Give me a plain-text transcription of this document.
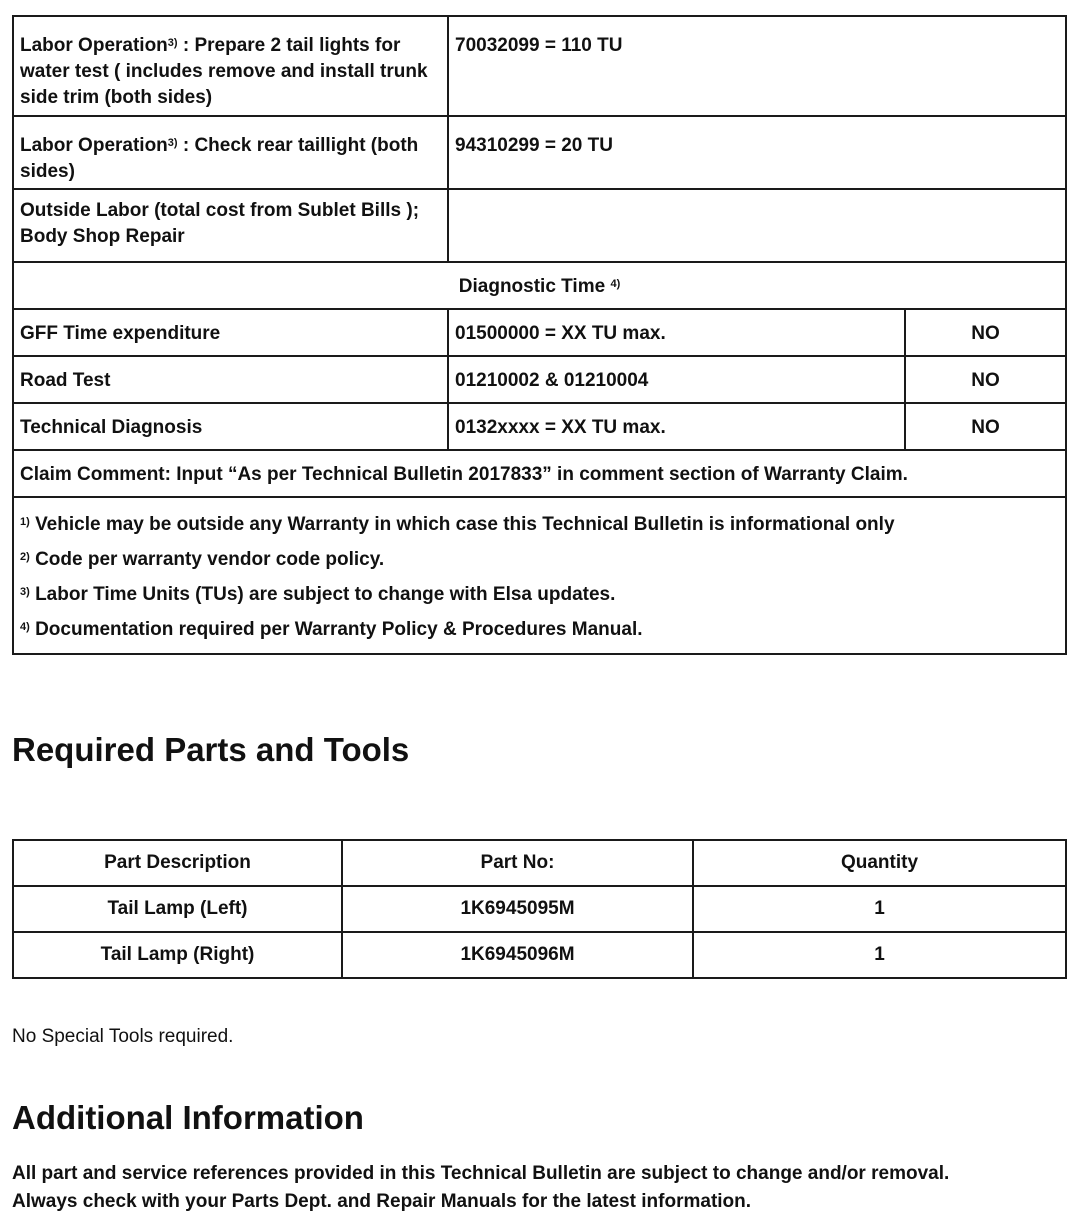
Labor Operation$^{3)}$ : Prepare 2 tail lights for water test ( includes remove and install trunk side trim (both sides)	70032099 = 110 TU	
Labor Operation$^{3)}$ : Check rear taillight (both sides)	94310299 = 20 TU	
Outside Labor (total cost from Sublet Bills ); Body Shop Repair		
Diagnostic Time $^{4)}$
GFF Time expenditure	01500000 = XX TU max.	NO
Road Test	01210002 & 01210004	NO
Technical Diagnosis	0132xxxx = XX TU max.	NO
Claim Comment: Input “As per Technical Bulletin 2017833” in comment section of Warranty Claim.		

$^{1)}$ Vehicle may be outside any Warranty in which case this Technical Bulletin is informational only
$^{2)}$ Code per warranty vendor code policy.
$^{3)}$ Labor Time Units (TUs) are subject to change with Elsa updates.
$^{4)}$ Documentation required per Warranty Policy & Procedures Manual.		
Required Parts and Tools
Part Description	Part No:	Quantity
Tail Lamp (Left)	1K6945095M	1
Tail Lamp (Right)	1K6945096M	1

No Special Tools required.

Additional Information
All part and service references provided in this Technical Bulletin are subject to change and/or removal.
Always check with your Parts Dept. and Repair Manuals for the latest information.
